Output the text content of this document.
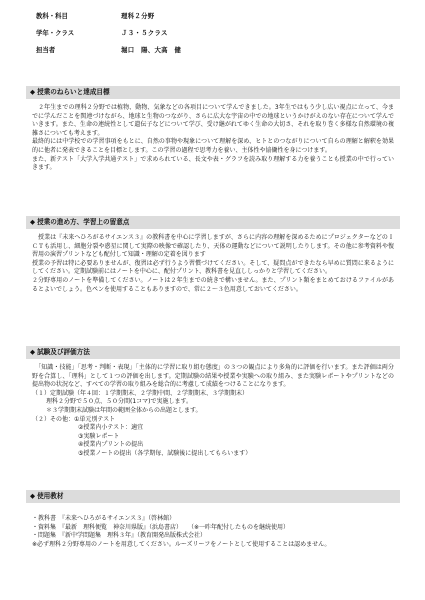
教科・科目	理科２分野
学年・クラス	Ｊ３・５クラス
担当者	堀口　陽、大高　健
◆ 授業のねらいと達成目標

　２年生までの理科２分野では植物、動物、気象などの各項目について学んできました。3年生ではもう少し広い視点に立って、今までに学んだことを関連づけながら、地球と生物のつながり、さらに広大な宇宙の中での地球というかけがえのない存在について学んでいきます。また、生命の連続性として遺伝子などについて学び、受け継がれてゆく生命の大切さ、それを取り巻く多様な自然環境の複雑さについても考えます。

最終的には中学校での学習事項をもとに、自然の事物や現象について理解を深め、ヒトとのつながりについて自らの理解と解釈を効果的に他者に発表できることを目標とします。この学習の過程で思考力を養い、主体性や協働性を身につけます。

また、新テスト「大学入学共通テスト」で求められている、長文や表・グラフを読み取り理解する力を養うことも授業の中で行っていきます。

◆ 授業の進め方、学習上の留意点

　授業は『未来へひろがるサイエンス３』の教科書を中心に学習しますが、さらに内容の理解を深めるためにプロジェクターなどのＩＣＴも活用し、細胞分裂や惑星に関して実際の映像で確認したり、天体の運動などについて説明したりします。その他に参考資料や復習用の演習プリントなども配付して知識・理解の定着を図ります

授業の予習は特に必要ありませんが、復習は必ず行うよう習慣づけてください。そして、疑問点ができたなら早めに質問に来るようにしてください。定期試験前にはノートを中心に、配付プリント、教科書を見直ししっかりと学習してください。

２分野専用のノートを準備してください。ノートは２年生までの続きで構いません。また、プリント類をまとめておけるファイルがあるとよいでしょう。色ペンを使用することもありますので、常に２～３色用意しておいてください。

◆ 試験及び評価方法

　「知識・技能」「思考・判断・表現」「主体的に学習に取り組む態度」の３つの観点により多角的に評価を行います。また評価は両分野を合算し、「理科」として１つの評価を出します。定期試験の結果や授業や実験への取り組み、また実験レポートやプリントなどの提出物の状況など、すべての学習の取り組みを総合的に考慮して成績をつけることになります。

（１）定期試験（年４回：１学期期末、２学期中間、２学期期末、３学期期末）

理科２分野で５０点、５０分間(1コマ)で実施します。

＊３学期期末試験は年間の範囲全体からの出題とします。

（２）その他：①単元別テスト

②授業内小テスト：適宜

③実験レポート

④授業内プリントの提出

⑤授業ノートの提出（各学期毎、試験後に提出してもらいます）

◆ 使用教材

・教科書　『未来へひろがるサイエンス３』（啓林館）

・資料集　『最新　理科便覧　神奈川県版』（浜島書店）　　（※一昨年配付したものを継続使用）

・問題集　『新中学問題集　理科３年』（教育開発出版株式会社）

※必ず理科２分野専用のノートを用意してください。ルーズリーフをノートとして使用することは認めません。
